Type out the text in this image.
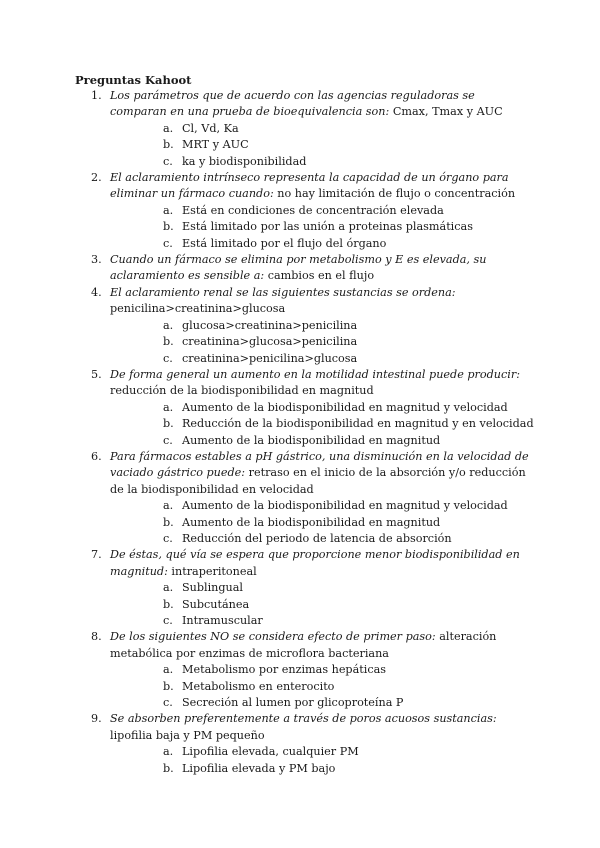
Preguntas Kahoot
1. Los parámetros que de acuerdo con las agencias reguladoras se comparan en una prueba de bioequivalencia son: Cmax, Tmax y AUC
a. Cl, Vd, Ka
b. MRT y AUC
c. ka y biodisponibilidad
2. El aclaramiento intrínseco representa la capacidad de un órgano para eliminar un fármaco cuando: no hay limitación de flujo o concentración
a. Está en condiciones de concentración elevada
b. Está limitado por las unión a proteinas plasmáticas
c. Está limitado por el flujo del órgano
3. Cuando un fármaco se elimina por metabolismo y E es elevada, su aclaramiento es sensible a: cambios en el flujo
4. El aclaramiento renal se las siguientes sustancias se ordena: penicilina>creatinina>glucosa
a. glucosa>creatinina>penicilina
b. creatinina>glucosa>penicilina
c. creatinina>penicilina>glucosa
5. De forma general un aumento en la motilidad intestinal puede producir: reducción de la biodisponibilidad en magnitud
a. Aumento de la biodisponibilidad en magnitud y velocidad
b. Reducción de la biodisponibilidad en magnitud y en velocidad
c. Aumento de la biodisponibilidad en magnitud
6. Para fármacos estables a pH gástrico, una disminución en la velocidad de vaciado gástrico puede: retraso en el inicio de la absorción y/o reducción de la biodisponibilidad en velocidad
a. Aumento de la biodisponibilidad en magnitud y velocidad
b. Aumento de la biodisponibilidad en magnitud
c. Reducción del periodo de latencia de absorción
7. De éstas, qué vía se espera que proporcione menor biodisponibilidad en magnitud: intraperitoneal
a. Sublingual
b. Subcutánea
c. Intramuscular
8. De los siguientes NO se considera efecto de primer paso: alteración metabólica por enzimas de microflora bacteriana
a. Metabolismo por enzimas hepáticas
b. Metabolismo en enterocito
c. Secreción al lumen por glicoproteína P
9. Se absorben preferentemente a través de poros acuosos sustancias: lipofilia baja y PM pequeño
a. Lipofilia elevada, cualquier PM
b. Lipofilia elevada y PM bajo
